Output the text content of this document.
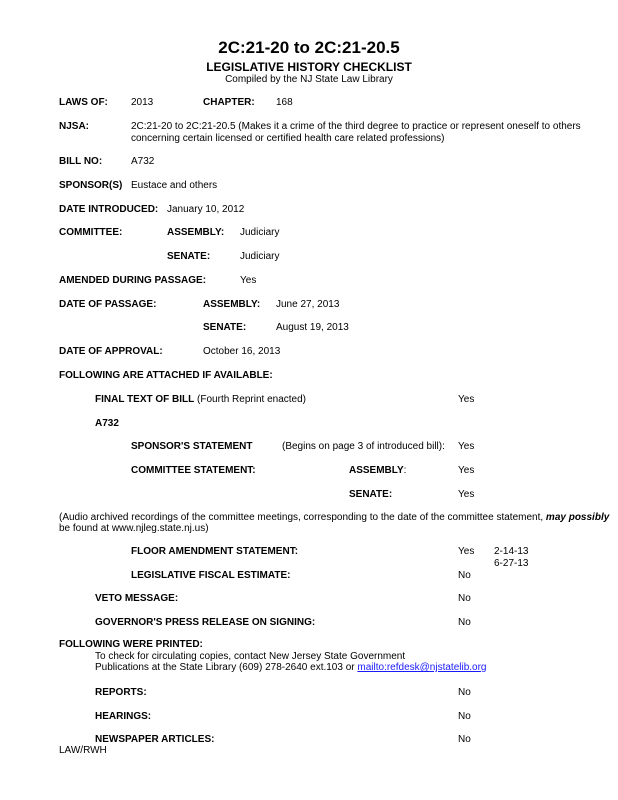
2C:21-20 to 2C:21-20.5
LEGISLATIVE HISTORY CHECKLIST
Compiled by the NJ State Law Library
LAWS OF: 2013	CHAPTER: 168
NJSA:	2C:21-20 to 2C:21-20.5 (Makes it a crime of the third degree to practice or represent oneself to others
concerning certain licensed or certified health care related professions)
BILL NO:	A732
SPONSOR(S) Eustace and others
DATE INTRODUCED: January 10, 2012
COMMITTEE:	ASSEMBLY: Judiciary
SENATE:	Judiciary
AMENDED DURING PASSAGE:	Yes
DATE OF PASSAGE:	ASSEMBLY: June 27, 2013
SENATE:	August 19, 2013
DATE OF APPROVAL:	October 16, 2013
FOLLOWING ARE ATTACHED IF AVAILABLE:
FINAL TEXT OF BILL (Fourth Reprint enacted)	Yes
A732
SPONSOR'S STATEMENT	(Begins on page 3 of introduced bill): Yes
COMMITTEE STATEMENT:	ASSEMBLY:	Yes
SENATE:	Yes
(Audio archived recordings of the committee meetings, corresponding to the date of the committee statement, may possibly
be found at www.njleg.state.nj.us)
FLOOR AMENDMENT STATEMENT:	Yes 2-14-13
6-27-13
LEGISLATIVE FISCAL ESTIMATE:	No
VETO MESSAGE:	No
GOVERNOR'S PRESS RELEASE ON SIGNING:	No
FOLLOWING WERE PRINTED:
To check for circulating copies, contact New Jersey State Government
Publications at the State Library (609) 278-2640 ext.103 or mailto:refdesk@njstatelib.org
REPORTS:	No
HEARINGS:	No
NEWSPAPER ARTICLES:	No
LAW/RWH
